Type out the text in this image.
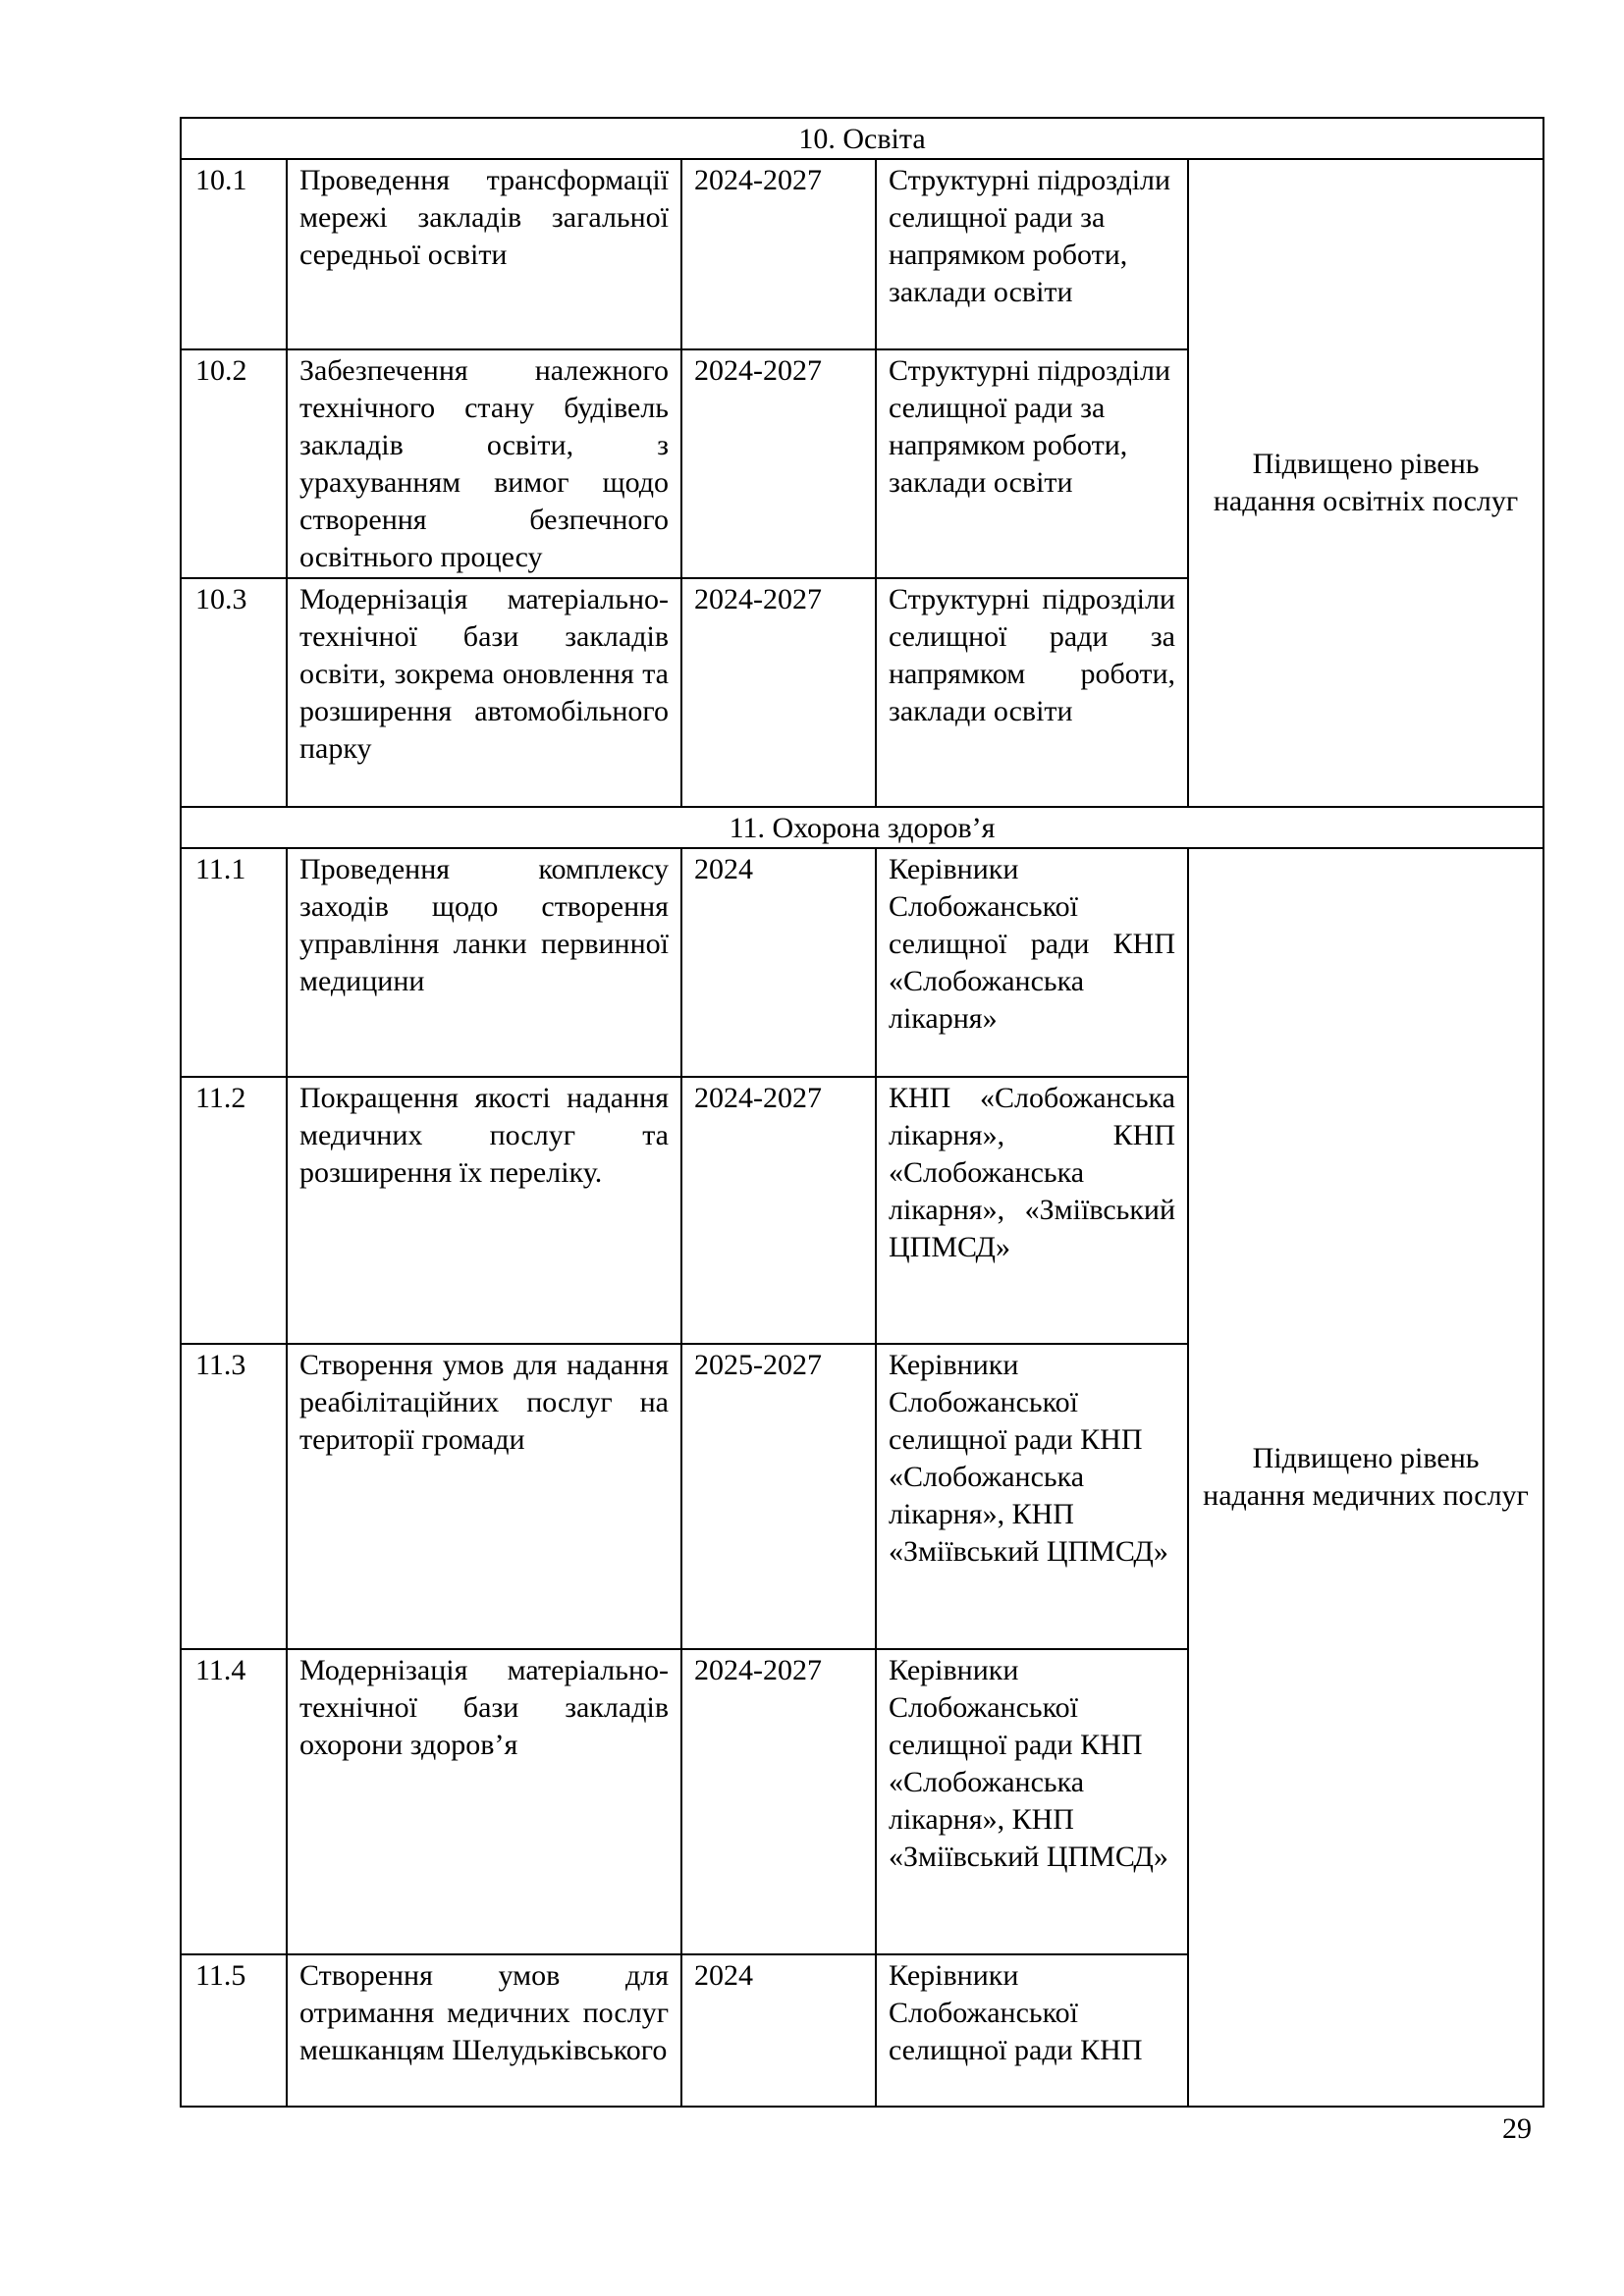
10. Освіта				
10.1	Проведення трансформації мережі закладів загальної середньої освіти	2024-2027	Структурні підрозділи селищної ради за напрямком роботи, заклади освіти	Підвищено рівень надання освітніх послуг
10.2	Забезпечення належного технічного стану будівель закладів освіти, з урахуванням вимог щодо створення безпечного освітнього процесу	2024-2027	Структурні підрозділи селищної ради за напрямком роботи, заклади освіти	
10.3	Модернізація матеріально-технічної бази закладів освіти, зокрема оновлення та розширення автомобільного парку	2024-2027	Структурні підрозділи селищної ради за напрямком роботи, заклади освіти	
11. Охорона здоров’я				
11.1	Проведення комплексу заходів щодо створення управління ланки первинної медицини	2024	Керівники Слобожанської селищної ради КНП «Слобожанська лікарня»	Підвищено рівень надання медичних послуг
11.2	Покращення якості надання медичних послуг та розширення їх переліку.	2024-2027	КНП «Слобожанська лікарня», КНП «Слобожанська лікарня», «Зміївський ЦПМСД»	
11.3	Створення умов для надання реабілітаційних послуг на території громади	2025-2027	Керівники Слобожанської селищної ради КНП «Слобожанська лікарня», КНП «Зміївський ЦПМСД»	
11.4	Модернізація матеріально-технічної бази закладів охорони здоров’я	2024-2027	Керівники Слобожанської селищної ради КНП «Слобожанська лікарня», КНП «Зміївський ЦПМСД»	
11.5	Створення умов для отримання медичних послуг мешканцям Шелудьківського	2024	Керівники Слобожанської селищної ради КНП	
29
